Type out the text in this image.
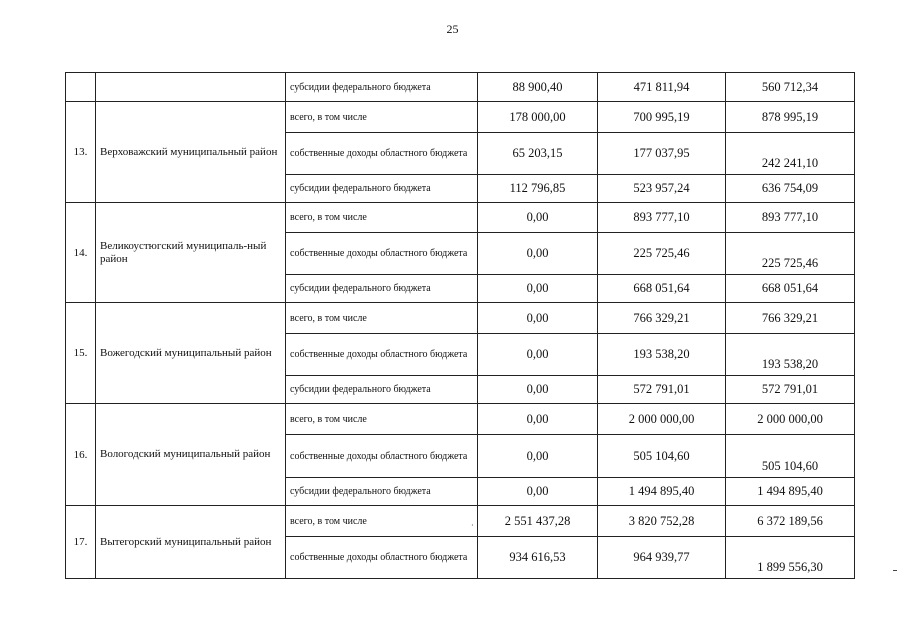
25
		субсидии федерального бюджета	88 900,40	471 811,94	560 712,34
13.	Верховажский муниципальный район	всего, в том числе	178 000,00	700 995,19	878 995,19
		собственные доходы областного бюджета	65 203,15	177 037,95	242 241,10
		субсидии федерального бюджета	112 796,85	523 957,24	636 754,09
14.	Великоустюгский муниципаль-ный район	всего, в том числе	0,00	893 777,10	893 777,10
		собственные доходы областного бюджета	0,00	225 725,46	225 725,46
		субсидии федерального бюджета	0,00	668 051,64	668 051,64
15.	Вожегодский муниципальный район	всего, в том числе	0,00	766 329,21	766 329,21
		собственные доходы областного бюджета	0,00	193 538,20	193 538,20
		субсидии федерального бюджета	0,00	572 791,01	572 791,01
16.	Вологодский муниципальный район	всего, в том числе	0,00	2 000 000,00	2 000 000,00
		собственные доходы областного бюджета	0,00	505 104,60	505 104,60
		субсидии федерального бюджета	0,00	1 494 895,40	1 494 895,40
17.	Вытегорский муниципальный район	всего, в том числе	2 551 437,28	3 820 752,28	6 372 189,56
		собственные доходы областного бюджета	934 616,53	964 939,77	1 899 556,30
·
